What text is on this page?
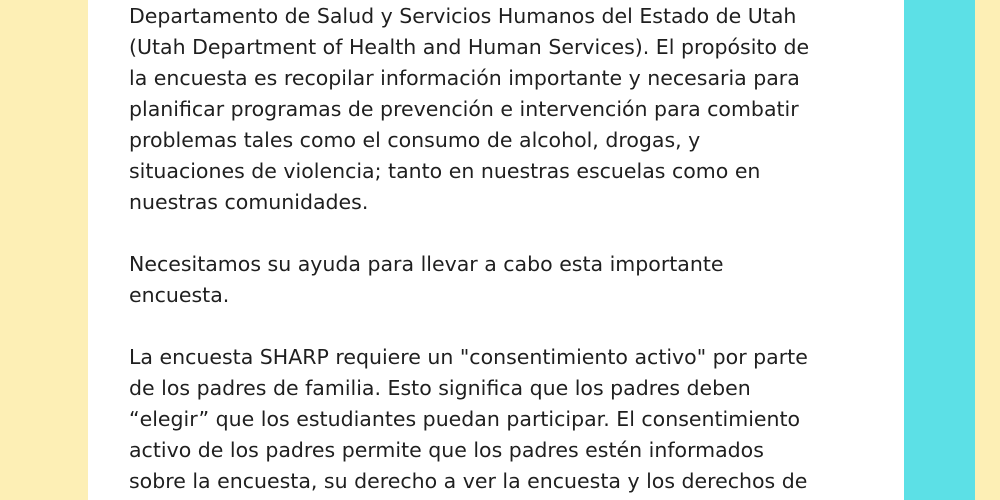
Departamento de Salud y Servicios Humanos del Estado de Utah
(Utah Department of Health and Human Services). El propósito de
la encuesta es recopilar información importante y necesaria para
planificar programas de prevención e intervención para combatir
problemas tales como el consumo de alcohol, drogas, y
situaciones de violencia; tanto en nuestras escuelas como en
nuestras comunidades.

Necesitamos su ayuda para llevar a cabo esta importante
encuesta.

La encuesta SHARP requiere un "consentimiento activo" por parte
de los padres de familia. Esto significa que los padres deben
“elegir” que los estudiantes puedan participar. El consentimiento
activo de los padres permite que los padres estén informados
sobre la encuesta, su derecho a ver la encuesta y los derechos de
